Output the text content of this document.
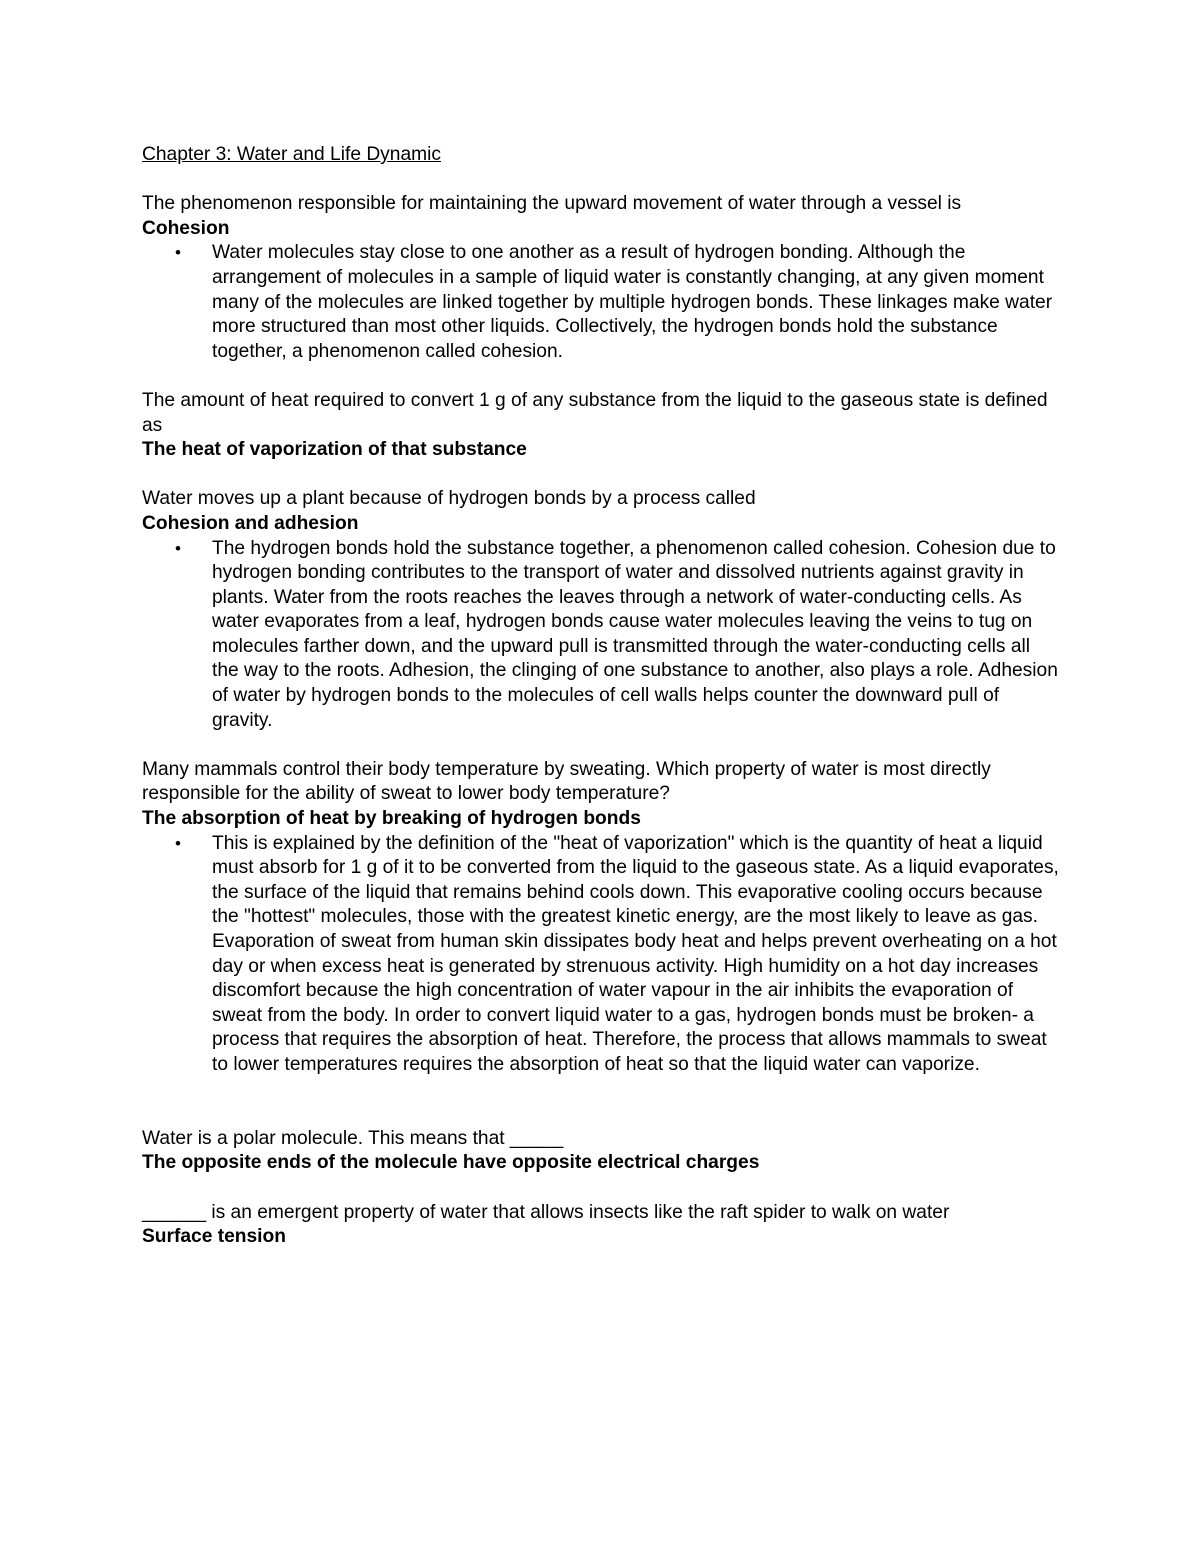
Chapter 3: Water and Life Dynamic

The phenomenon responsible for maintaining the upward movement of water through a vessel is

Cohesion

• Water molecules stay close to one another as a result of hydrogen bonding. Although the arrangement of molecules in a sample of liquid water is constantly changing, at any given moment many of the molecules are linked together by multiple hydrogen bonds. These linkages make water more structured than most other liquids. Collectively, the hydrogen bonds hold the substance together, a phenomenon called cohesion.

The amount of heat required to convert 1 g of any substance from the liquid to the gaseous state is defined as

The heat of vaporization of that substance

Water moves up a plant because of hydrogen bonds by a process called

Cohesion and adhesion

• The hydrogen bonds hold the substance together, a phenomenon called cohesion. Cohesion due to hydrogen bonding contributes to the transport of water and dissolved nutrients against gravity in plants. Water from the roots reaches the leaves through a network of water-conducting cells. As water evaporates from a leaf, hydrogen bonds cause water molecules leaving the veins to tug on molecules farther down, and the upward pull is transmitted through the water-conducting cells all the way to the roots. Adhesion, the clinging of one substance to another, also plays a role. Adhesion of water by hydrogen bonds to the molecules of cell walls helps counter the downward pull of gravity.

Many mammals control their body temperature by sweating. Which property of water is most directly responsible for the ability of sweat to lower body temperature?

The absorption of heat by breaking of hydrogen bonds

• This is explained by the definition of the "heat of vaporization" which is the quantity of heat a liquid must absorb for 1 g of it to be converted from the liquid to the gaseous state. As a liquid evaporates, the surface of the liquid that remains behind cools down. This evaporative cooling occurs because the "hottest" molecules, those with the greatest kinetic energy, are the most likely to leave as gas. Evaporation of sweat from human skin dissipates body heat and helps prevent overheating on a hot day or when excess heat is generated by strenuous activity. High humidity on a hot day increases discomfort because the high concentration of water vapour in the air inhibits the evaporation of sweat from the body. In order to convert liquid water to a gas, hydrogen bonds must be broken- a process that requires the absorption of heat. Therefore, the process that allows mammals to sweat to lower temperatures requires the absorption of heat so that the liquid water can vaporize.

Water is a polar molecule. This means that _____

The opposite ends of the molecule have opposite electrical charges

______ is an emergent property of water that allows insects like the raft spider to walk on water

Surface tension
